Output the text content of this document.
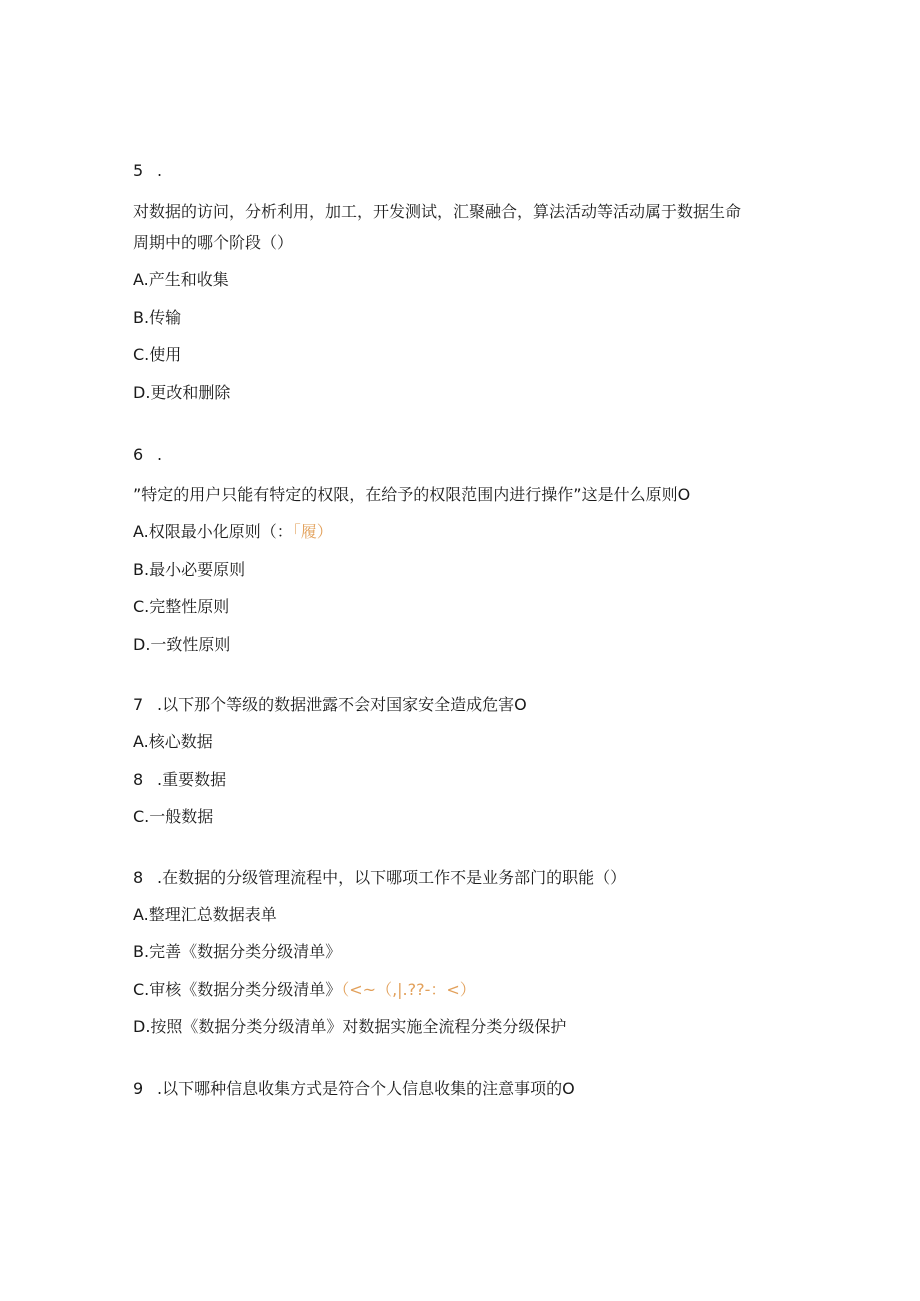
5 .
对数据的访问，分析利用，加工，开发测试，汇聚融合，算法活动等活动属于数据生命
周期中的哪个阶段（）
A.产生和收集
B.传输
C.使用
D.更改和删除
6 .
”特定的用户只能有特定的权限，在给予的权限范围内进行操作”这是什么原则O
A.权限最小化原则（：「履）
B.最小必要原则
C.完整性原则
D.一致性原则
7 .以下那个等级的数据泄露不会对国家安全造成危害O
A.核心数据
8 .重要数据
C.一般数据
8 .在数据的分级管理流程中，以下哪项工作不是业务部门的职能（）
A.整理汇总数据表单
B.完善《数据分类分级清单》
C.审核《数据分类分级清单》（<~（,|.??-：<）
D.按照《数据分类分级清单》对数据实施全流程分类分级保护
9 .以下哪种信息收集方式是符合个人信息收集的注意事项的O
